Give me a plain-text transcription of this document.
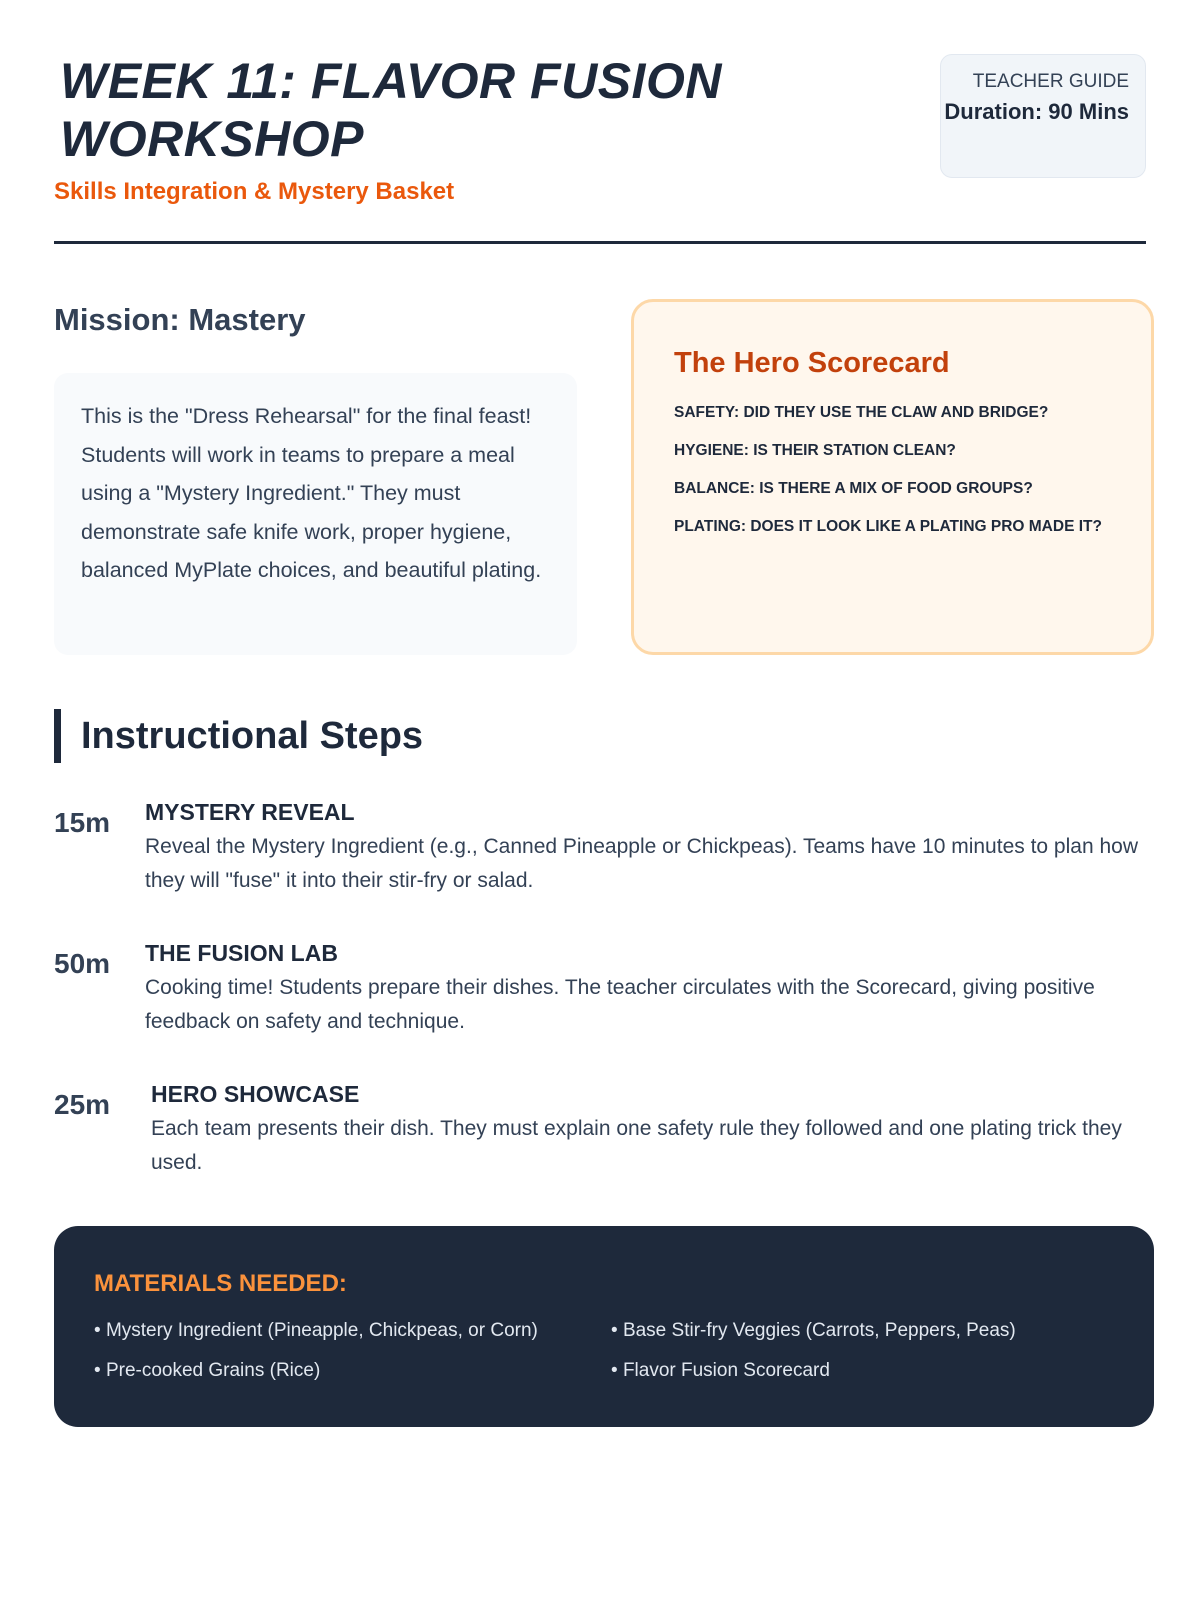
WEEK 11: FLAVOR FUSION WORKSHOP
Skills Integration & Mystery Basket
TEACHER GUIDE
Duration: 90 Mins
Mission: Mastery

This is the "Dress Rehearsal" for the final feast! Students will work in teams to prepare a meal using a "Mystery Ingredient." They must demonstrate safe knife work, proper hygiene, balanced MyPlate choices, and beautiful plating.

The Hero Scorecard
SAFETY: DID THEY USE THE CLAW AND BRIDGE?
HYGIENE: IS THEIR STATION CLEAN?
BALANCE: IS THERE A MIX OF FOOD GROUPS?
PLATING: DOES IT LOOK LIKE A PLATING PRO MADE IT?
Instructional Steps
15m MYSTERY REVEAL
Reveal the Mystery Ingredient (e.g., Canned Pineapple or Chickpeas). Teams have 10 minutes to plan how they will "fuse" it into their stir-fry or salad.
50m THE FUSION LAB
Cooking time! Students prepare their dishes. The teacher circulates with the Scorecard, giving positive feedback on safety and technique.
25m HERO SHOWCASE
Each team presents their dish. They must explain one safety rule they followed and one plating trick they used.
MATERIALS NEEDED:
• Mystery Ingredient (Pineapple, Chickpeas, or Corn)	• Base Stir-fry Veggies (Carrots, Peppers, Peas)
• Pre-cooked Grains (Rice)	• Flavor Fusion Scorecard
